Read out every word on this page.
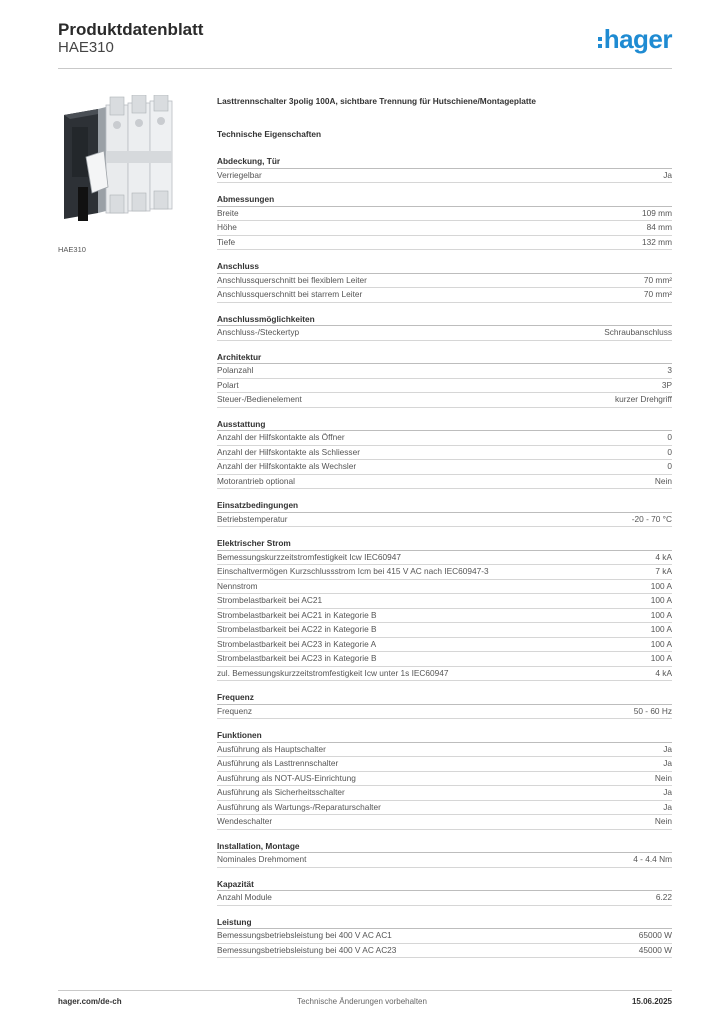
Produktdatenblatt
HAE310	hager
HAE310
Lasttrennschalter 3polig 100A, sichtbare Trennung für Hutschiene/Montageplatte
Technische Eigenschaften
Abdeckung, Tür
Verriegelbar	Ja
Abmessungen
Breite	109 mm
Höhe	84 mm
Tiefe	132 mm
Anschluss
Anschlussquerschnitt bei flexiblem Leiter	70 mm²
Anschlussquerschnitt bei starrem Leiter	70 mm²
Anschlussmöglichkeiten
Anschluss-/Steckertyp	Schraubanschluss
Architektur
Polanzahl	3
Polart	3P
Steuer-/Bedienelement	kurzer Drehgriff
Ausstattung
Anzahl der Hilfskontakte als Öffner	0
Anzahl der Hilfskontakte als Schliesser	0
Anzahl der Hilfskontakte als Wechsler	0
Motorantrieb optional	Nein
Einsatzbedingungen
Betriebstemperatur	-20 - 70 °C
Elektrischer Strom
Bemessungskurzzeitstromfestigkeit Icw IEC60947	4 kA
Einschaltvermögen Kurzschlussstrom Icm bei 415 V AC nach IEC60947-3	7 kA
Nennstrom	100 A
Strombelastbarkeit bei AC21	100 A
Strombelastbarkeit bei AC21 in Kategorie B	100 A
Strombelastbarkeit bei AC22 in Kategorie B	100 A
Strombelastbarkeit bei AC23 in Kategorie A	100 A
Strombelastbarkeit bei AC23 in Kategorie B	100 A
zul. Bemessungskurzzeitstromfestigkeit Icw unter 1s IEC60947	4 kA
Frequenz
Frequenz	50 - 60 Hz
Funktionen
Ausführung als Hauptschalter	Ja
Ausführung als Lasttrennschalter	Ja
Ausführung als NOT-AUS-Einrichtung	Nein
Ausführung als Sicherheitsschalter	Ja
Ausführung als Wartungs-/Reparaturschalter	Ja
Wendeschalter	Nein
Installation, Montage
Nominales Drehmoment	4 - 4.4 Nm
Kapazität
Anzahl Module	6.22
Leistung
Bemessungsbetriebsleistung bei 400 V AC AC1	65000 W
Bemessungsbetriebsleistung bei 400 V AC AC23	45000 W
hager.com/de-ch	Technische Änderungen vorbehalten	15.06.2025
